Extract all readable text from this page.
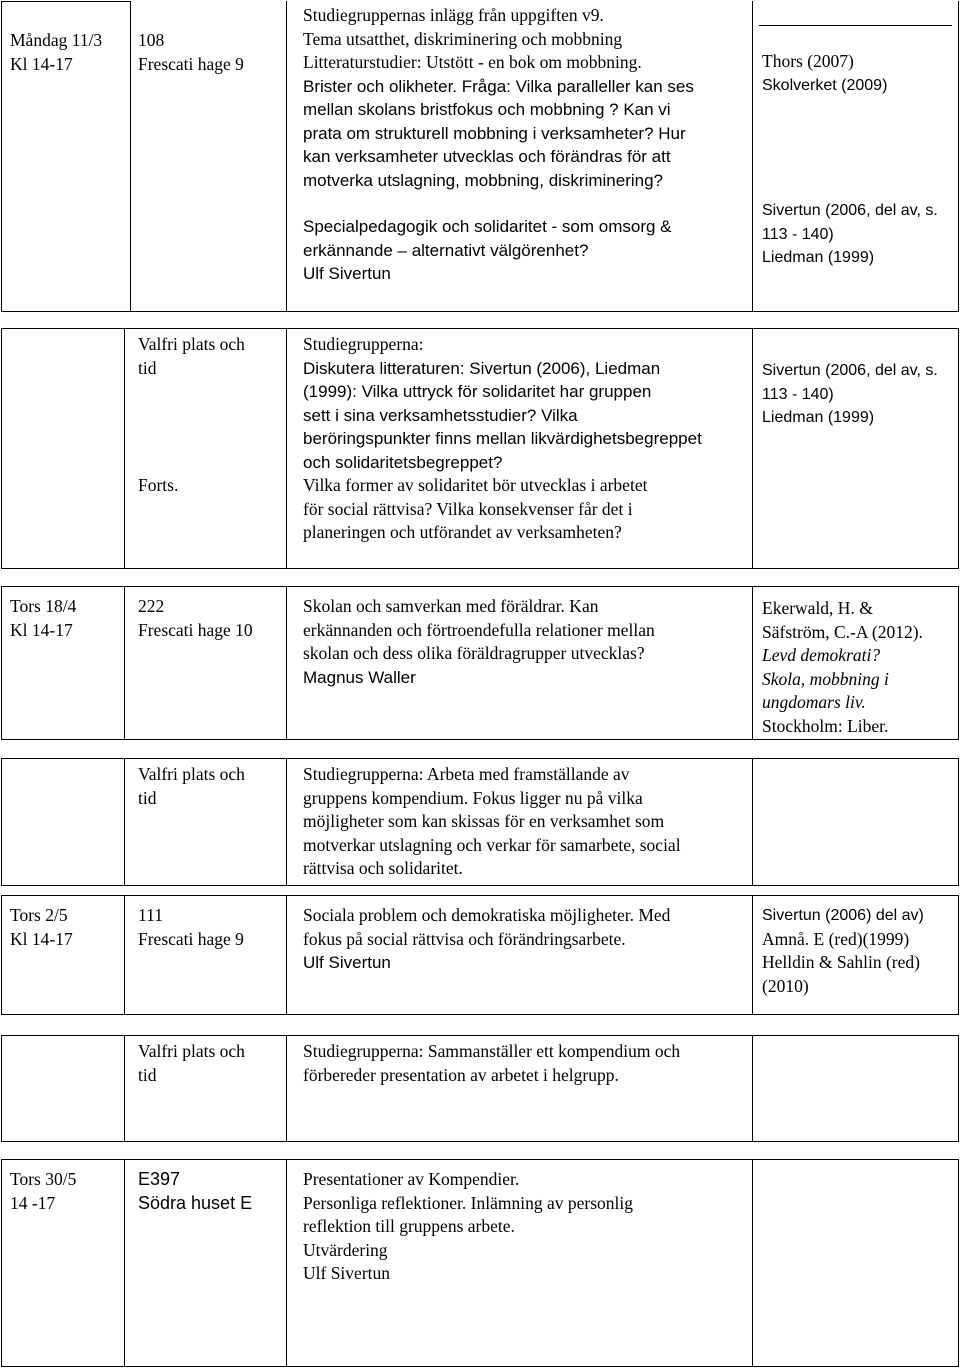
Måndag 11/3
Kl 14-17
108
Frescati hage 9
Studiegruppernas inlägg från uppgiften v9.
Tema utsatthet, diskriminering och mobbning
Litteraturstudier: Utstött - en bok om mobbning.
Brister och olikheter. Fråga: Vilka paralleller kan ses
mellan skolans bristfokus och mobbning ? Kan vi
prata om strukturell mobbning i verksamheter? Hur
kan verksamheter utvecklas och förändras för att
motverka utslagning, mobbning, diskriminering?
Specialpedagogik och solidaritet - som omsorg &
erkännande – alternativt välgörenhet?
Ulf Sivertun
Thors (2007)
Skolverket (2009)
Sivertun (2006, del av, s.
113 - 140)
Liedman (1999)
Valfri plats och
tid
Forts.
Studiegrupperna:
Diskutera litteraturen: Sivertun (2006), Liedman
(1999): Vilka uttryck för solidaritet har gruppen
sett i sina verksamhetsstudier? Vilka
beröringspunkter finns mellan likvärdighetsbegreppet
och solidaritetsbegreppet?
Vilka former av solidaritet bör utvecklas i arbetet
för social rättvisa? Vilka konsekvenser får det i
planeringen och utförandet av verksamheten?
Sivertun (2006, del av, s.
113 - 140)
Liedman (1999)
Tors 18/4
Kl 14-17
222
Frescati hage 10
Skolan och samverkan med föräldrar. Kan
erkännanden och förtroendefulla relationer mellan
skolan och dess olika föräldragrupper utvecklas?
Magnus Waller
Ekerwald, H. &
Säfström, C.-A (2012).
Levd demokrati?
Skola, mobbning i
ungdomars liv.
Stockholm: Liber.
Valfri plats och
tid
Studiegrupperna: Arbeta med framställande av
gruppens kompendium. Fokus ligger nu på vilka
möjligheter som kan skissas för en verksamhet som
motverkar utslagning och verkar för samarbete, social
rättvisa och solidaritet.
Tors 2/5
Kl 14-17
111
Frescati hage 9
Sociala problem och demokratiska möjligheter. Med
fokus på social rättvisa och förändringsarbete.
Ulf Sivertun
Sivertun (2006) del av)
Amnå. E (red)(1999)
Helldin & Sahlin (red)
(2010)
Valfri plats och
tid
Studiegrupperna: Sammanställer ett kompendium och
förbereder presentation av arbetet i helgrupp.
Tors 30/5
14 -17
E397
Södra huset E
Presentationer av Kompendier.
Personliga reflektioner. Inlämning av personlig
reflektion till gruppens arbete.
Utvärdering
Ulf Sivertun
